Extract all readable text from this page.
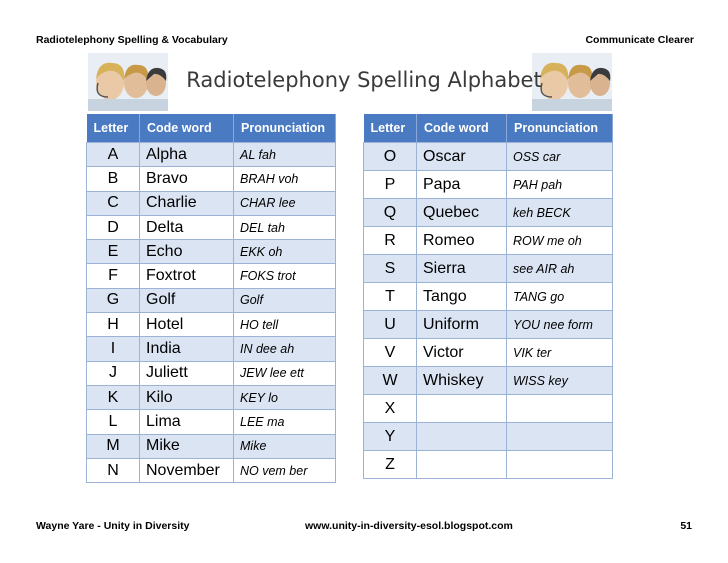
Radiotelephony Spelling & Vocabulary	Communicate Clearer
Radiotelephony Spelling Alphabet
Letter	Code word	Pronunciation
A	Alpha	AL fah
B	Bravo	BRAH voh
C	Charlie	CHAR lee
D	Delta	DEL tah
E	Echo	EKK oh
F	Foxtrot	FOKS trot
G	Golf	Golf
H	Hotel	HO tell
I	India	IN dee ah
J	Juliett	JEW lee ett
K	Kilo	KEY lo
L	Lima	LEE ma
M	Mike	Mike
N	November	NO vem ber
Letter	Code word	Pronunciation
O	Oscar	OSS car
P	Papa	PAH pah
Q	Quebec	keh BECK
R	Romeo	ROW me oh
S	Sierra	see AIR ah
T	Tango	TANG go
U	Uniform	YOU nee form
V	Victor	VIK ter
W	Whiskey	WISS key
X		
Y		
Z		
Wayne Yare - Unity in Diversity	www.unity-in-diversity-esol.blogspot.com	51
